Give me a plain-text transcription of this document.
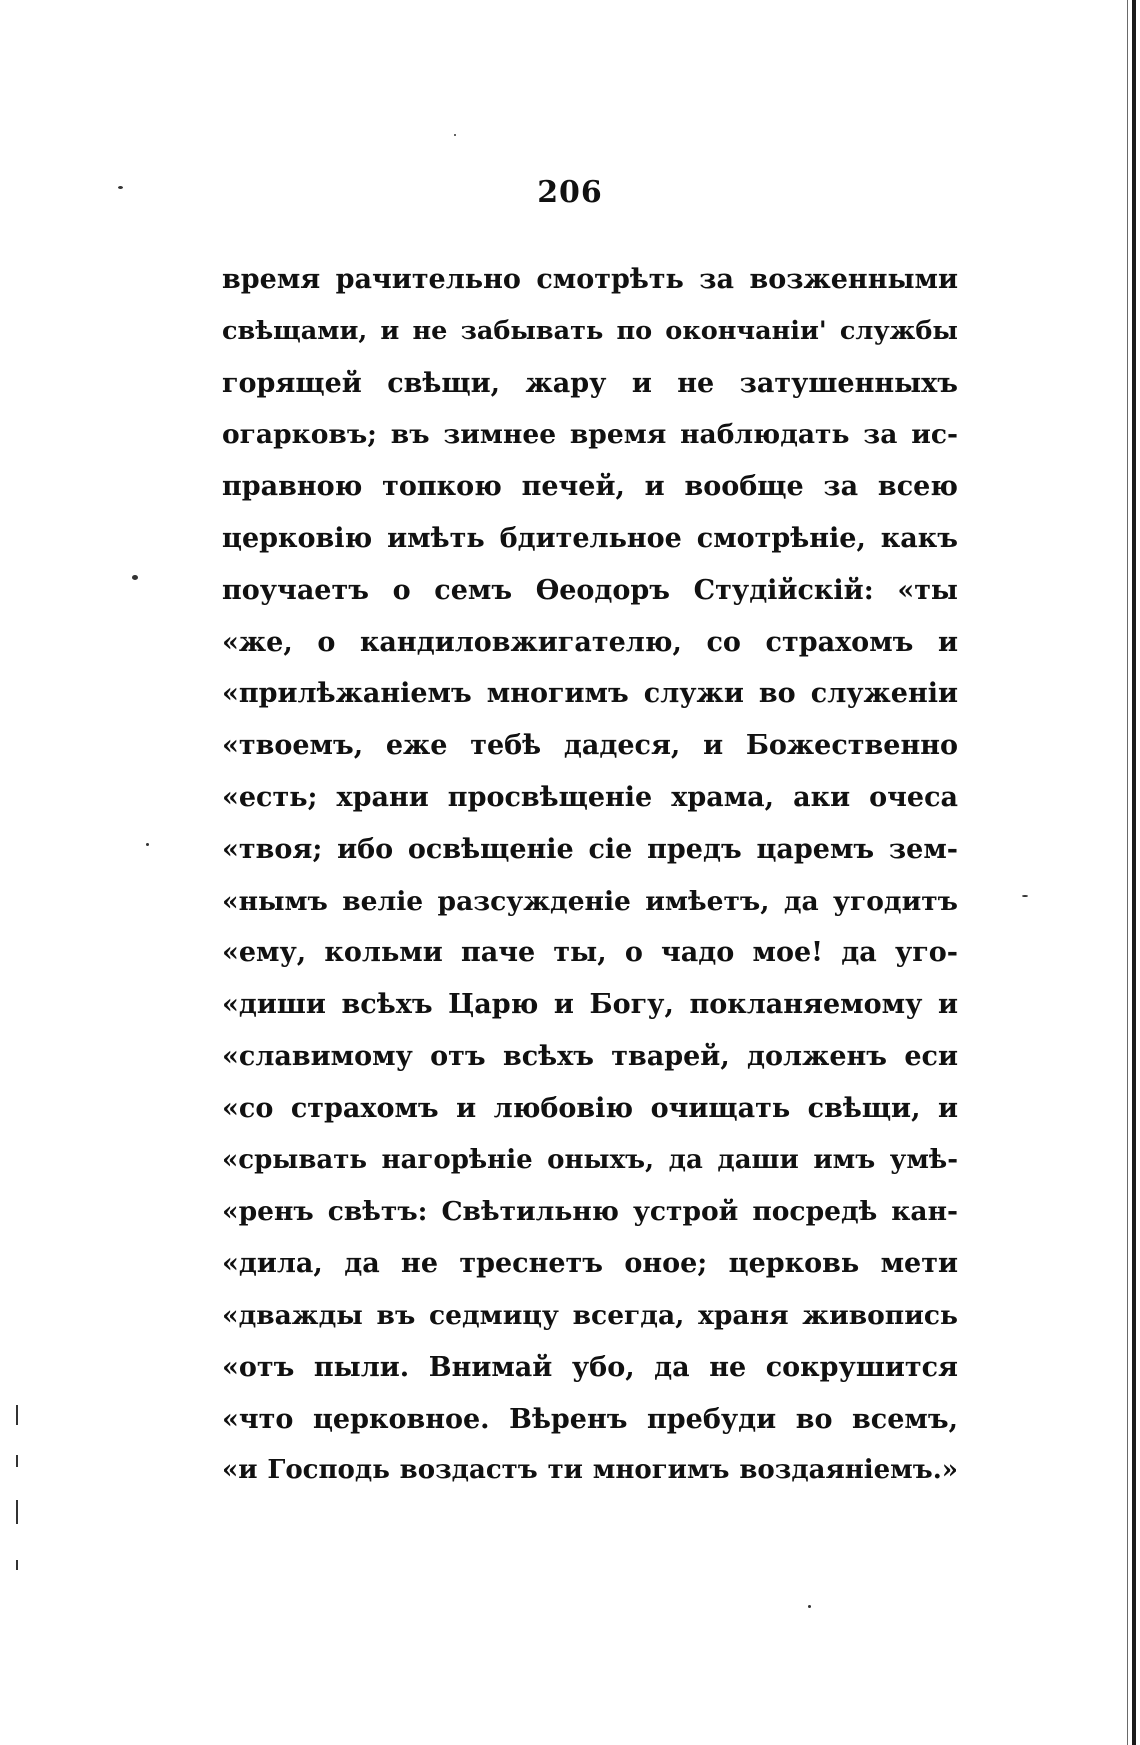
206
время рачительно смотрѣть за возженными
свѣщами, и не забывать по окончаніи' службы
горящей свѣщи, жару и не затушенныхъ
огарковъ; въ зимнее время наблюдать за ис-
правною топкою печей, и вообще за всею
церковію имѣть бдительное смотрѣніе, какъ
поучаетъ о семъ Ѳеодоръ Студійскій: «ты
«же, о кандиловжигателю, со страхомъ и
«прилѣжаніемъ многимъ служи во служеніи
«твоемъ, еже тебѣ дадеся, и Божественно
«есть; храни просвѣщеніе храма, аки очеса
«твоя; ибо освѣщеніе сіе предъ царемъ зем-
«нымъ веліе разсужденіе имѣетъ, да угодитъ
«ему, кольми паче ты, о чадо мое! да уго-
«диши всѣхъ Царю и Богу, покланяемому и
«славимому отъ всѣхъ тварей, долженъ еси
«со страхомъ и любовію очищать свѣщи, и
«срывать нагорѣніе оныхъ, да даши имъ умѣ-
«ренъ свѣтъ: Свѣтильню устрой посредѣ кан-
«дила, да не треснетъ оное; церковь мети
«дважды въ седмицу всегда, храня живопись
«отъ пыли. Внимай убо, да не сокрушится
«что церковное. Вѣренъ пребуди во всемъ,
«и Господь воздастъ ти многимъ воздаяніемъ.»
